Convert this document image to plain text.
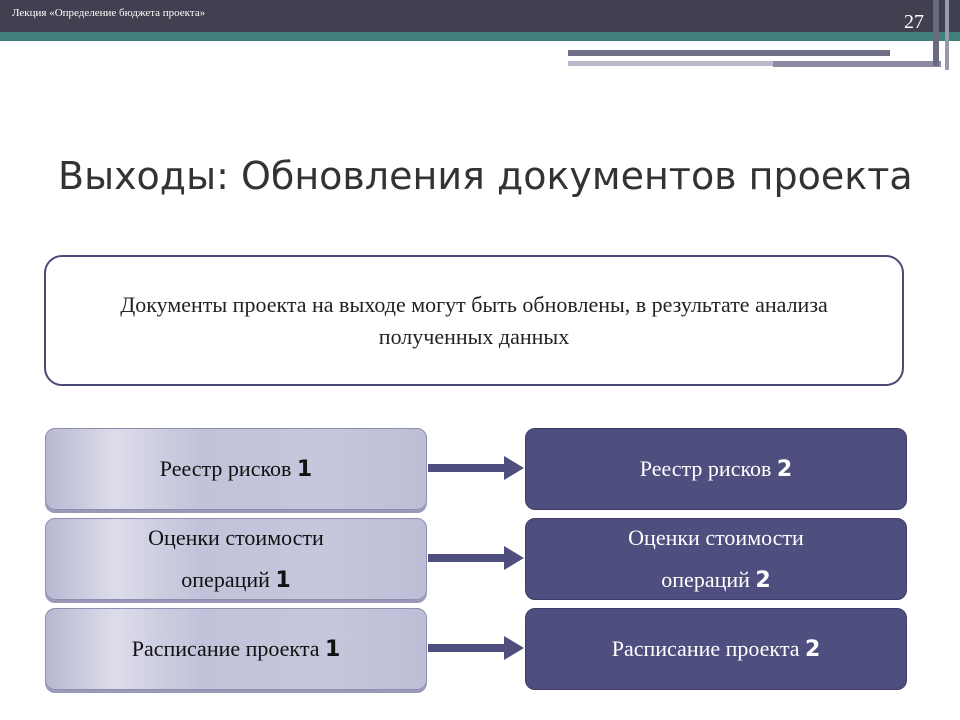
Лекция «Определение бюджета проекта»	27
Выходы: Обновления документов проекта
Документы проекта на выходе могут быть обновлены, в результате анализа полученных данных
Реестр рисков 1
Оценки стоимости операций 1
Расписание проекта 1
Реестр рисков 2
Оценки стоимости операций 2
Расписание проекта 2
